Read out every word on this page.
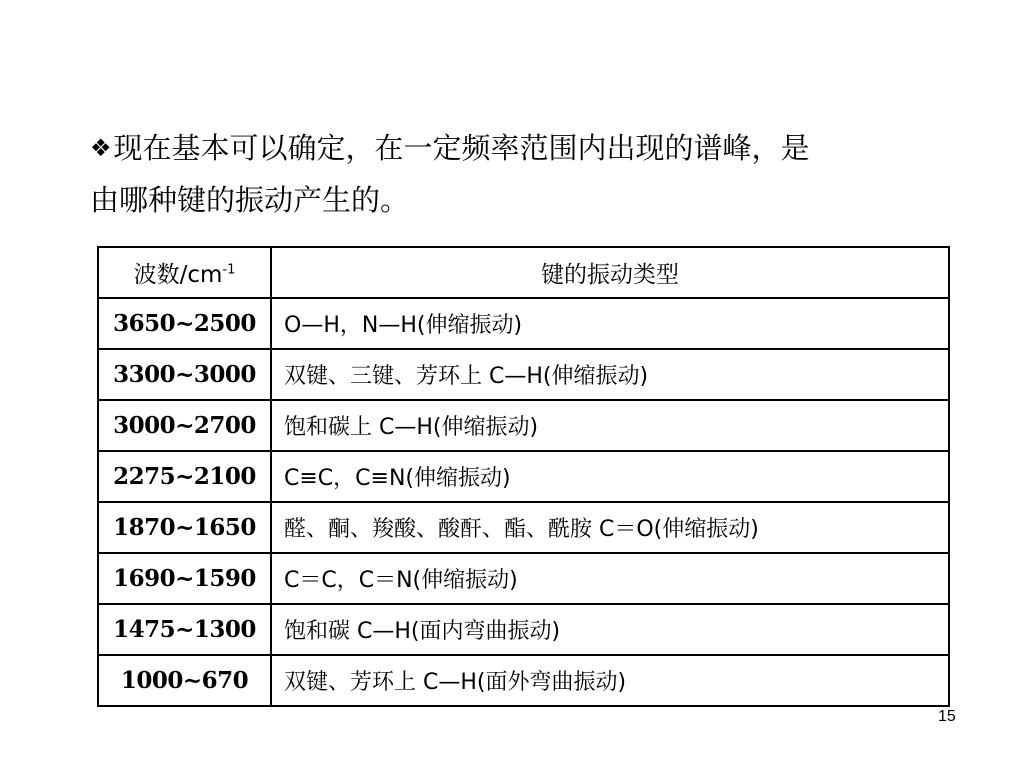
❖现在基本可以确定，在一定频率范围内出现的谱峰，是
由哪种键的振动产生的。

波数$/cm^{-1}$	键的振动类型
3650~2500	O—H，N—H(伸缩振动)
3300~3000	双键、三键、芳环上 C—H(伸缩振动)
3000~2700	饱和碳上 C—H(伸缩振动)
2275~2100	C≡C，C≡N(伸缩振动)
1870~1650	醛、酮、羧酸、酸酐、酯、酰胺 C＝O(伸缩振动)
1690~1590	C＝C，C＝N(伸缩振动)
1475~1300	饱和碳 C—H(面内弯曲振动)
1000~670	双键、芳环上 C—H(面外弯曲振动)
15
